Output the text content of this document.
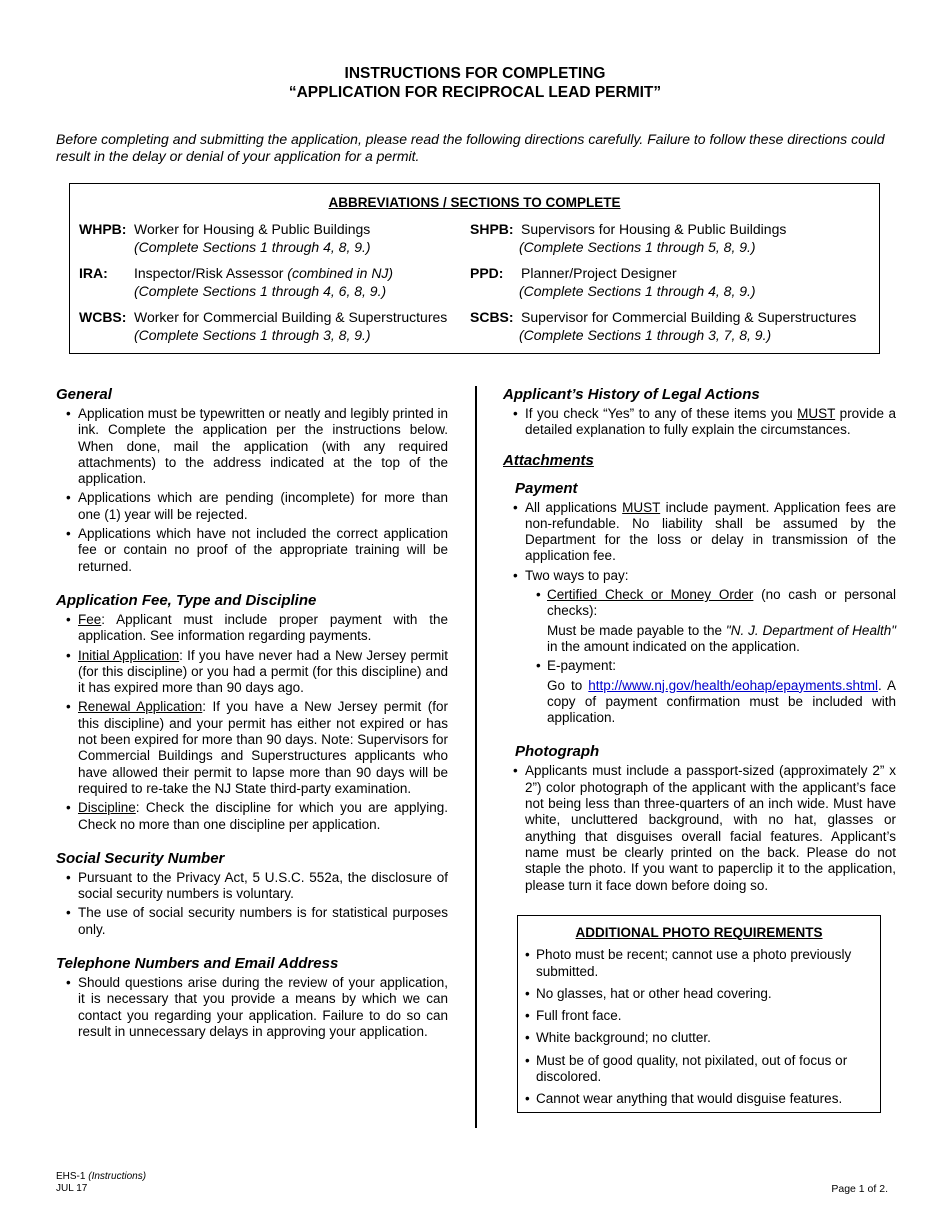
INSTRUCTIONS FOR COMPLETING
“APPLICATION FOR RECIPROCAL LEAD PERMIT”
Before completing and submitting the application, please read the following directions carefully. Failure to follow these directions could result in the delay or denial of your application for a permit.
ABBREVIATIONS / SECTIONS TO COMPLETE
WHPB: Worker for Housing & Public Buildings
(Complete Sections 1 through 4, 8, 9.)
SHPB: Supervisors for Housing & Public Buildings
(Complete Sections 1 through 5, 8, 9.)
IRA: Inspector/Risk Assessor (combined in NJ)
(Complete Sections 1 through 4, 6, 8, 9.)
PPD: Planner/Project Designer
(Complete Sections 1 through 4, 8, 9.)
WCBS: Worker for Commercial Building & Superstructures
(Complete Sections 1 through 3, 8, 9.)
SCBS: Supervisor for Commercial Building & Superstructures
(Complete Sections 1 through 3, 7, 8, 9.)
General
• Application must be typewritten or neatly and legibly printed in ink. Complete the application per the instructions below. When done, mail the application (with any required attachments) to the address indicated at the top of the application.
• Applications which are pending (incomplete) for more than one (1) year will be rejected.
• Applications which have not included the correct application fee or contain no proof of the appropriate training will be returned.
Application Fee, Type and Discipline
• Fee: Applicant must include proper payment with the application. See information regarding payments.
• Initial Application: If you have never had a New Jersey permit (for this discipline) or you had a permit (for this discipline) and it has expired more than 90 days ago.
• Renewal Application: If you have a New Jersey permit (for this discipline) and your permit has either not expired or has not been expired for more than 90 days. Note: Supervisors for Commercial Buildings and Superstructures applicants who have allowed their permit to lapse more than 90 days will be required to re-take the NJ State third-party examination.
• Discipline: Check the discipline for which you are applying. Check no more than one discipline per application.
Social Security Number
• Pursuant to the Privacy Act, 5 U.S.C. 552a, the disclosure of social security numbers is voluntary.
• The use of social security numbers is for statistical purposes only.
Telephone Numbers and Email Address
• Should questions arise during the review of your application, it is necessary that you provide a means by which we can contact you regarding your application. Failure to do so can result in unnecessary delays in approving your application.
Applicant’s History of Legal Actions
• If you check “Yes” to any of these items you MUST provide a detailed explanation to fully explain the circumstances.
Attachments
Payment
• All applications MUST include payment. Application fees are non-refundable. No liability shall be assumed by the Department for the loss or delay in transmission of the application fee.
• Two ways to pay:
• Certified Check or Money Order (no cash or personal checks):
Must be made payable to the "N. J. Department of Health" in the amount indicated on the application.
• E-payment:
Go to http://www.nj.gov/health/eohap/epayments.shtml. A copy of payment confirmation must be included with application.
Photograph
• Applicants must include a passport-sized (approximately 2” x 2”) color photograph of the applicant with the applicant’s face not being less than three-quarters of an inch wide. Must have white, uncluttered background, with no hat, glasses or anything that disguises overall facial features. Applicant’s name must be clearly printed on the back. Please do not staple the photo. If you want to paperclip it to the application, please turn it face down before doing so.
ADDITIONAL PHOTO REQUIREMENTS
• Photo must be recent; cannot use a photo previously submitted.
• No glasses, hat or other head covering.
• Full front face.
• White background; no clutter.
• Must be of good quality, not pixilated, out of focus or discolored.
• Cannot wear anything that would disguise features.
EHS-1 (Instructions)
JUL 17	Page 1 of 2.
